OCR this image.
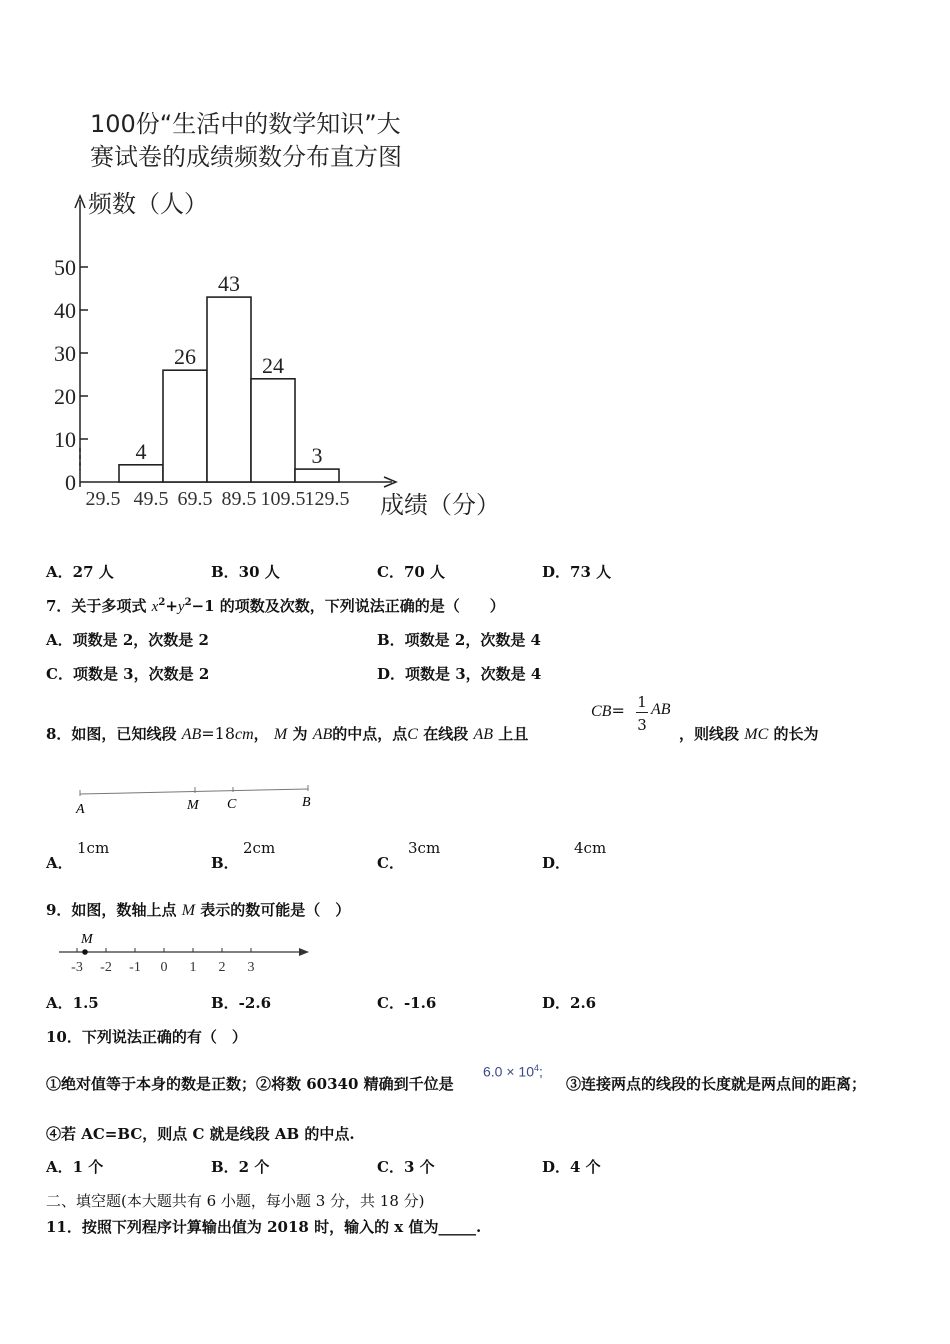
100份“生活中的数学知识”大
赛试卷的成绩频数分布直方图
频数（人）
成绩（分）
0
10
20
30
40
50
29.5 49.5 69.5 89.5 109.5 129.5
4
26
43
24
3
A．27 人	B．30 人	C．70 人	D．73 人
7．关于多项式 $x^2+y^2-1$ 的项数及次数，下列说法正确的是（　　）
A．项数是 2，次数是 2	B．项数是 2，次数是 4
C．项数是 3，次数是 2	D．项数是 3，次数是 4
8．如图，已知线段 AB=18cm， M 为 AB的中点，点C 在线段 AB 上且
CB= 1
3
AB
，则线段 MC 的长为
A	M C	B
A．
1cm
B．
2cm
C．
3cm
D．
4cm
9．如图，数轴上点 M 表示的数可能是（　）
M
-3 -2 -1 0 1 2 3
A．1.5	B．-2.6	C．-1.6	D．2.6
10．下列说法正确的有（　）
①绝对值等于本身的数是正数；②将数 60340 精确到千位是
$6.0 \times 10^4$;
③连接两点的线段的长度就是两点间的距离；
④若 AC=BC，则点 C 就是线段 AB 的中点.
A．1 个	B．2 个	C．3 个	D．4 个
二、填空题(本大题共有 6 小题，每小题 3 分，共 18 分)
11．按照下列程序计算输出值为 2018 时，输入的 x 值为_____.
